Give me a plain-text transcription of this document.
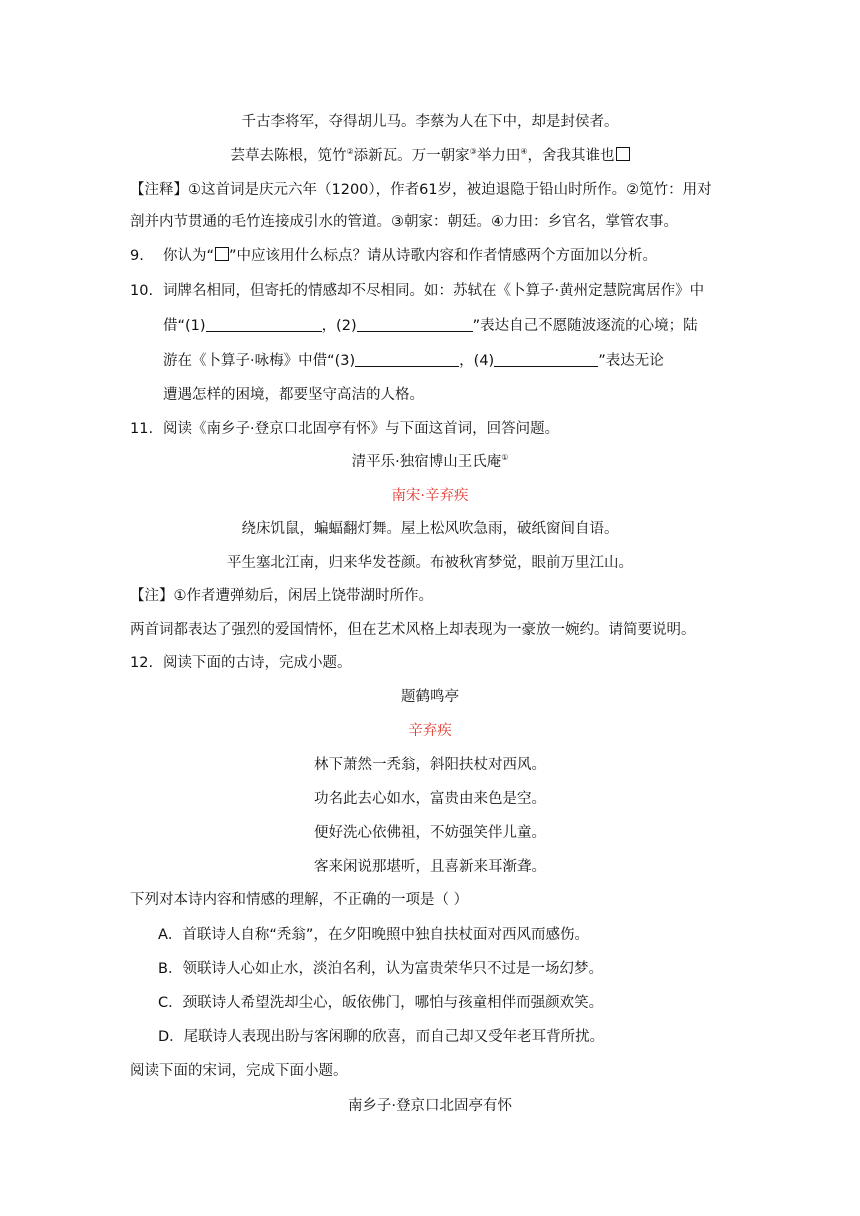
千古李将军，夺得胡儿马。李蔡为人在下中，却是封侯者。
芸草去陈根，笕竹②添新瓦。万一朝家③举力田④，舍我其谁也
【注释】①这首词是庆元六年（1200），作者61岁，被迫退隐于铅山时所作。②笕竹：用对
剖并内节贯通的毛竹连接成引水的管道。③朝家：朝廷。④力田：乡官名，掌管农事。
9. 你认为“ ”中应该用什么标点？请从诗歌内容和作者情感两个方面加以分析。
10. 词牌名相同，但寄托的情感却不尽相同。如：苏轼在《卜算子·黄州定慧院寓居作》中
借“(1)	，(2)	”表达自己不愿随波逐流的心境；陆
游在《卜算子·咏梅》中借“(3)	，(4)	”表达无论
遭遇怎样的困境，都要坚守高洁的人格。
11. 阅读《南乡子·登京口北固亭有怀》与下面这首词，回答问题。
清平乐·独宿博山王氏庵①
南宋·辛弃疾
绕床饥鼠，蝙蝠翻灯舞。屋上松风吹急雨，破纸窗间自语。
平生塞北江南，归来华发苍颜。布被秋宵梦觉，眼前万里江山。
【注】①作者遭弹劾后，闲居上饶带湖时所作。
两首词都表达了强烈的爱国情怀，但在艺术风格上却表现为一豪放一婉约。请简要说明。
12. 阅读下面的古诗，完成小题。
题鹤鸣亭
辛弃疾
林下萧然一秃翁，斜阳扶杖对西风。
功名此去心如水，富贵由来色是空。
便好洗心依佛祖，不妨强笑伴儿童。
客来闲说那堪听，且喜新来耳渐聋。
下列对本诗内容和情感的理解，不正确的一项是（ ）
A．首联诗人自称“秃翁”，在夕阳晚照中独自扶杖面对西风而感伤。
B．领联诗人心如止水，淡泊名利，认为富贵荣华只不过是一场幻梦。
C．颈联诗人希望洗却尘心，皈依佛门，哪怕与孩童相伴而强颜欢笑。
D．尾联诗人表现出盼与客闲聊的欣喜，而自己却又受年老耳背所扰。
阅读下面的宋词，完成下面小题。
南乡子·登京口北固亭有怀
